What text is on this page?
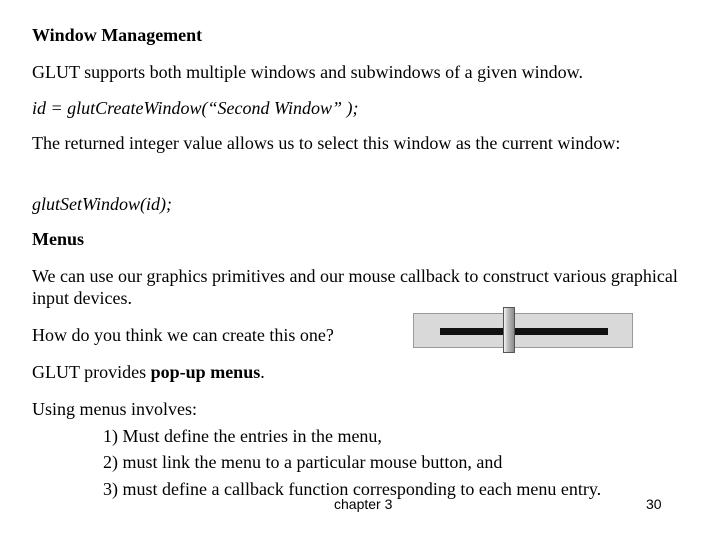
Window Management
GLUT supports both multiple windows and subwindows of a given window.
id = glutCreateWindow(“Second Window” );
The returned integer value allows us to select this window as the current window:
glutSetWindow(id);
Menus
We can use our graphics primitives and our mouse callback to construct various graphical input devices.
How do you think we can create this one?
GLUT provides pop-up menus.
Using menus involves:
1) Must define the entries in the menu,
2) must link the menu to a particular mouse button, and
3) must define a callback function corresponding to each menu entry.
chapter 3	30
